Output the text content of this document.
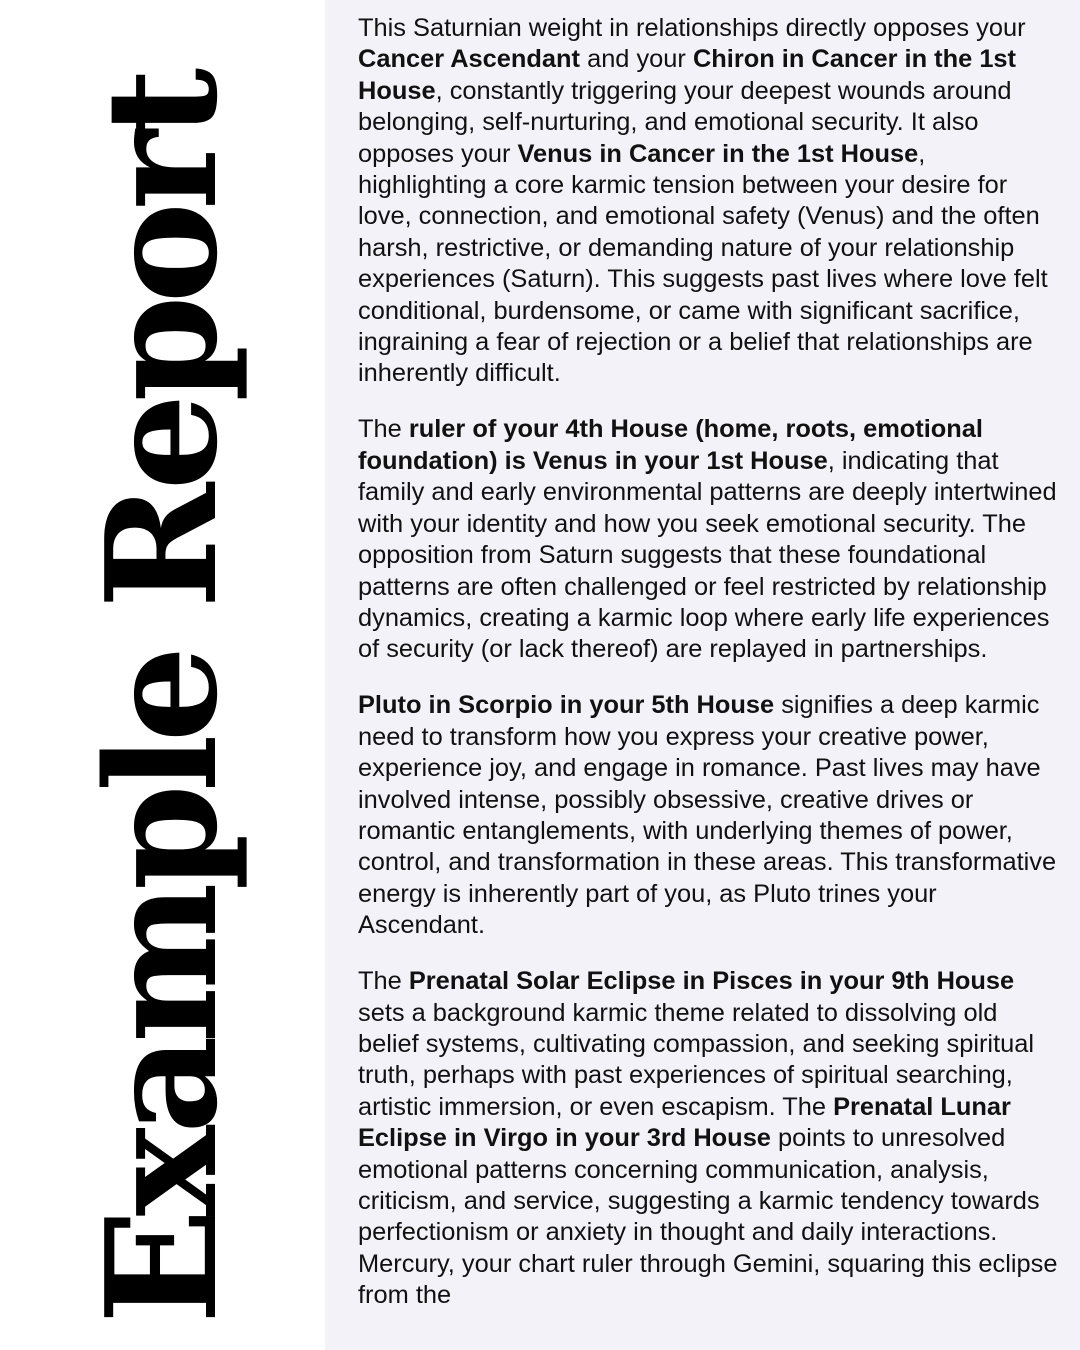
Example Report

This Saturnian weight in relationships directly opposes your Cancer Ascendant and your Chiron in Cancer in the 1st House, constantly triggering your deepest wounds around belonging, self-nurturing, and emotional security. It also opposes your Venus in Cancer in the 1st House, highlighting a core karmic tension between your desire for love, connection, and emotional safety (Venus) and the often harsh, restrictive, or demanding nature of your relationship experiences (Saturn). This suggests past lives where love felt conditional, burdensome, or came with significant sacrifice, ingraining a fear of rejection or a belief that relationships are inherently difficult.

The ruler of your 4th House (home, roots, emotional foundation) is Venus in your 1st House, indicating that family and early environmental patterns are deeply intertwined with your identity and how you seek emotional security. The opposition from Saturn suggests that these foundational patterns are often challenged or feel restricted by relationship dynamics, creating a karmic loop where early life experiences of security (or lack thereof) are replayed in partnerships.

Pluto in Scorpio in your 5th House signifies a deep karmic need to transform how you express your creative power, experience joy, and engage in romance. Past lives may have involved intense, possibly obsessive, creative drives or romantic entanglements, with underlying themes of power, control, and transformation in these areas. This transformative energy is inherently part of you, as Pluto trines your Ascendant.

The Prenatal Solar Eclipse in Pisces in your 9th House sets a background karmic theme related to dissolving old belief systems, cultivating compassion, and seeking spiritual truth, perhaps with past experiences of spiritual searching, artistic immersion, or even escapism. The Prenatal Lunar Eclipse in Virgo in your 3rd House points to unresolved emotional patterns concerning communication, analysis, criticism, and service, suggesting a karmic tendency towards perfectionism or anxiety in thought and daily interactions. Mercury, your chart ruler through Gemini, squaring this eclipse from the
